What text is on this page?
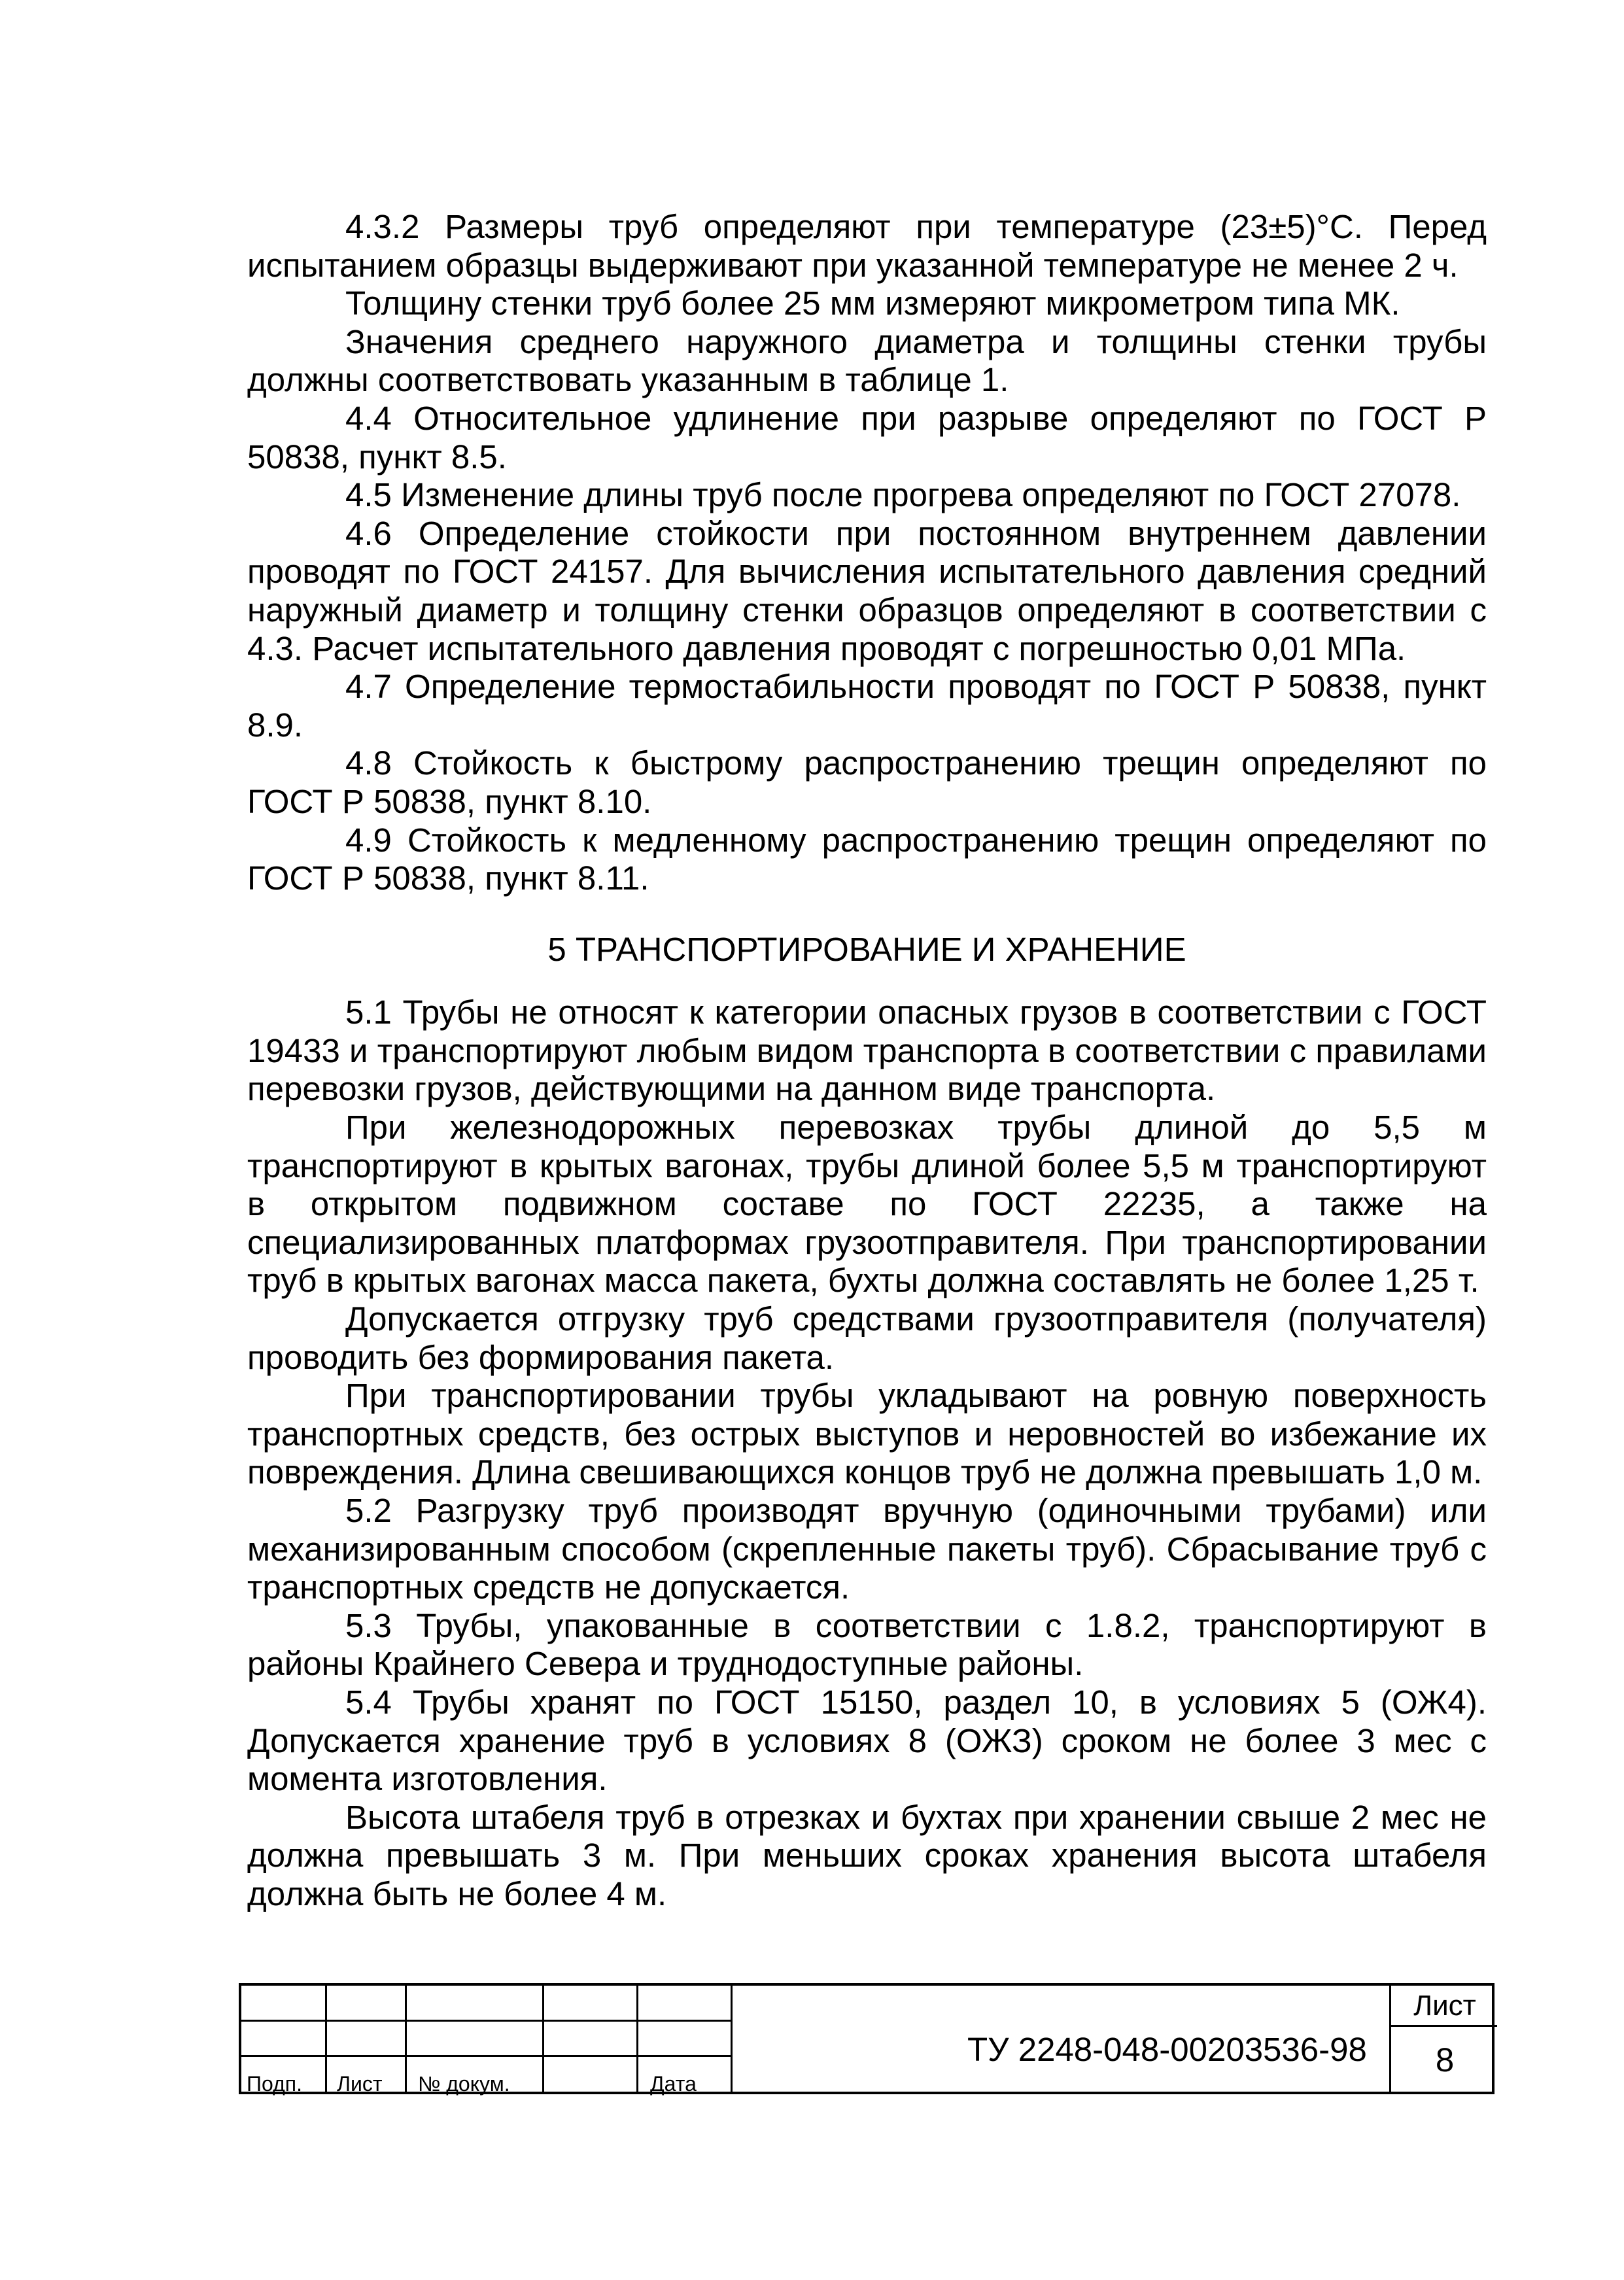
4.3.2 Размеры труб определяют при температуре (23±5)°С. Перед испытанием образцы выдерживают при указанной температуре не менее 2 ч.

Толщину стенки труб более 25 мм измеряют микрометром типа МК.

Значения среднего наружного диаметра и толщины стенки трубы должны соответствовать указанным в таблице 1.

4.4 Относительное удлинение при разрыве определяют по ГОСТ Р 50838, пункт 8.5.

4.5 Изменение длины труб после прогрева определяют по ГОСТ 27078.

4.6 Определение стойкости при постоянном внутреннем давлении проводят по ГОСТ 24157. Для вычисления испытательного давления средний наружный диаметр и толщину стенки образцов определяют в соответствии с 4.3. Расчет испытательного давления проводят с погрешностью 0,01 МПа.

4.7 Определение термостабильности проводят по ГОСТ Р 50838, пункт 8.9.

4.8 Стойкость к быстрому распространению трещин определяют по ГОСТ Р 50838, пункт 8.10.

4.9 Стойкость к медленному распространению трещин определяют по ГОСТ Р 50838, пункт 8.11.

5 ТРАНСПОРТИРОВАНИЕ И ХРАНЕНИЕ

5.1 Трубы не относят к категории опасных грузов в соответствии с ГОСТ 19433 и транспортируют любым видом транспорта в соответствии с правилами перевозки грузов, действующими на данном виде транспорта.

При железнодорожных перевозках трубы длиной до 5,5 м транспортируют в крытых вагонах, трубы длиной более 5,5 м транспортируют в открытом подвижном составе по ГОСТ 22235, а также на специализированных платформах грузоотправителя. При транспортировании труб в крытых вагонах масса пакета, бухты должна составлять не более 1,25 т.

Допускается отгрузку труб средствами грузоотправителя (получателя) проводить без формирования пакета.

При транспортировании трубы укладывают на ровную поверхность транспортных средств, без острых выступов и неровностей во избежание их повреждения. Длина свешивающихся концов труб не должна превышать 1,0 м.

5.2 Разгрузку труб производят вручную (одиночными трубами) или механизированным способом (скрепленные пакеты труб). Сбрасывание труб с транспортных средств не допускается.

5.3 Трубы, упакованные в соответствии с 1.8.2, транспортируют в районы Крайнего Севера и труднодоступные районы.

5.4 Трубы хранят по ГОСТ 15150, раздел 10, в условиях 5 (ОЖ4). Допускается хранение труб в условиях 8 (ОЖЗ) сроком не более 3 мес с момента изготовления.

Высота штабеля труб в отрезках и бухтах при хранении свыше 2 мес не должна превышать 3 м. При меньших сроках хранения высота штабеля должна быть не более 4 м.

Подп. Лист № докум.	Дата
ТУ 2248-048-00203536-98
Лист
8
